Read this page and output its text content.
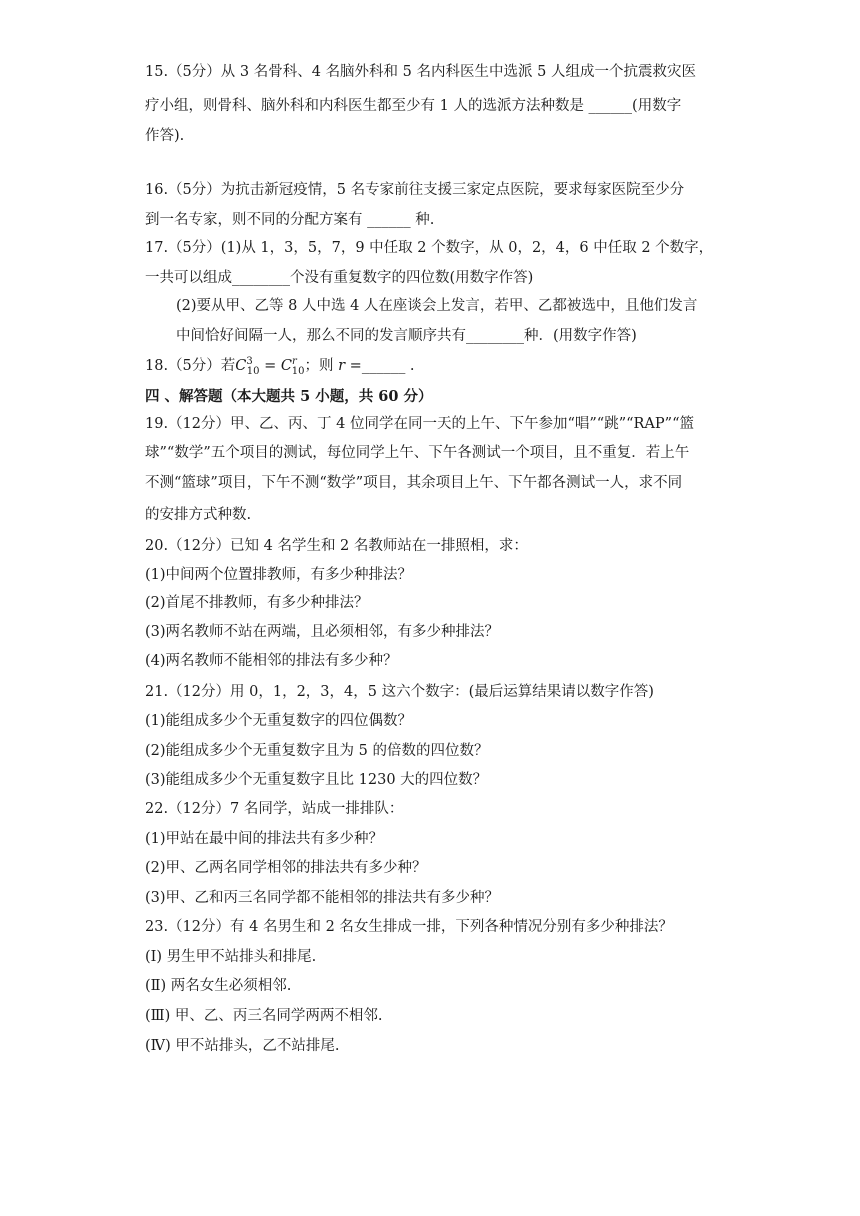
15.（5分）从 3 名骨科、4 名脑外科和 5 名内科医生中选派 5 人组成一个抗震救灾医
疗小组，则骨科、脑外科和内科医生都至少有 1 人的选派方法种数是 ______(用数字
作答).
16.（5分）为抗击新冠疫情，5 名专家前往支援三家定点医院，要求每家医院至少分
到一名专家，则不同的分配方案有 ______ 种.
17.（5分）(1)从 1，3，5，7，9 中任取 2 个数字，从 0，2，4，6 中任取 2 个数字，
一共可以组成________个没有重复数字的四位数(用数字作答)
(2)要从甲、乙等 8 人中选 4 人在座谈会上发言，若甲、乙都被选中，且他们发言
中间恰好间隔一人，那么不同的发言顺序共有________种．(用数字作答)
18.（5分）若$C^3_{10} = C^r_{10}$；则 r =______ .
四 、解答题（本大题共 5 小题，共 60 分）
19.（12分）甲、乙、丙、丁 4 位同学在同一天的上午、下午参加“唱”“跳”“RAP”“篮
球”“数学”五个项目的测试，每位同学上午、下午各测试一个项目，且不重复．若上午
不测“篮球”项目，下午不测“数学”项目，其余项目上午、下午都各测试一人，求不同
的安排方式种数.
20.（12分）已知 4 名学生和 2 名教师站在一排照相，求：
(1)中间两个位置排教师，有多少种排法？
(2)首尾不排教师，有多少种排法？
(3)两名教师不站在两端，且必须相邻，有多少种排法？
(4)两名教师不能相邻的排法有多少种？
21.（12分）用 0，1，2，3，4，5 这六个数字：(最后运算结果请以数字作答)
(1)能组成多少个无重复数字的四位偶数？
(2)能组成多少个无重复数字且为 5 的倍数的四位数？
(3)能组成多少个无重复数字且比 1230 大的四位数？
22.（12分）7 名同学，站成一排排队：
(1)甲站在最中间的排法共有多少种？
(2)甲、乙两名同学相邻的排法共有多少种？
(3)甲、乙和丙三名同学都不能相邻的排法共有多少种？
23.（12分）有 4 名男生和 2 名女生排成一排，下列各种情况分别有多少种排法？
(Ⅰ) 男生甲不站排头和排尾.
(Ⅱ) 两名女生必须相邻.
(Ⅲ) 甲、乙、丙三名同学两两不相邻.
(Ⅳ) 甲不站排头，乙不站排尾.
